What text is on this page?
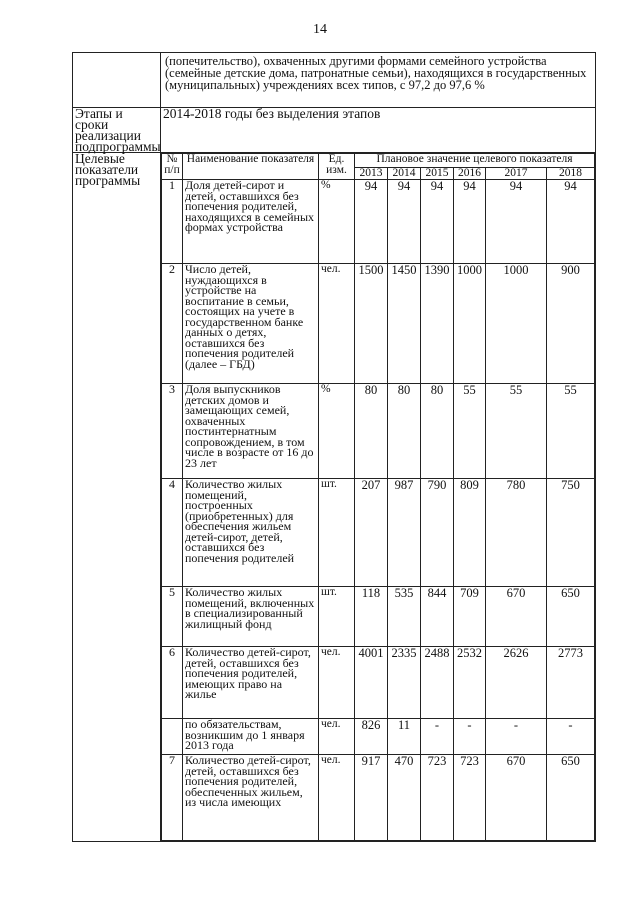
14
	(попечительство), охваченных другими формами семейного устройства (семейные детские дома, патронатные семьи), находящихся в государственных (муниципальных) учреждениях всех типов, с 97,2 до 97,6 %
Этапы и сроки реализации подпрограммы	2014-2018 годы без выделения этапов
Целевые показатели программы	
№ п/п	Наименование показателя	Ед. изм.	Плановое значение целевого показателя
2013	2014	2015	2016	2017	2018
1	Доля детей-сирот и детей, оставшихся без попечения родителей, находящихся в семейных формах устройства	%	94	94	94	94	94	94
2	Число детей, нуждающихся в устройстве на воспитание в семьи, состоящих на учете в государственном банке данных о детях, оставшихся без попечения родителей (далее – ГБД)	чел.	1500	1450	1390	1000	1000	900
3	Доля выпускников детских домов и замещающих семей, охваченных постинтернатным сопровождением, в том числе в возрасте от 16 до 23 лет	%	80	80	80	55	55	55
4	Количество жилых помещений, построенных (приобретенных) для обеспечения жильем детей-сирот, детей, оставшихся без попечения родителей	шт.	207	987	790	809	780	750
5	Количество жилых помещений, включенных в специализированный жилищный фонд	шт.	118	535	844	709	670	650
6	Количество детей-сирот, детей, оставшихся без попечения родителей, имеющих право на жилье	чел.	4001	2335	2488	2532	2626	2773
	по обязательствам, возникшим до 1 января 2013 года	чел.	826	11	-	-	-	-
7	Количество детей-сирот, детей, оставшихся без попечения родителей, обеспеченных жильем, из числа имеющих	чел.	917	470	723	723	670	650
